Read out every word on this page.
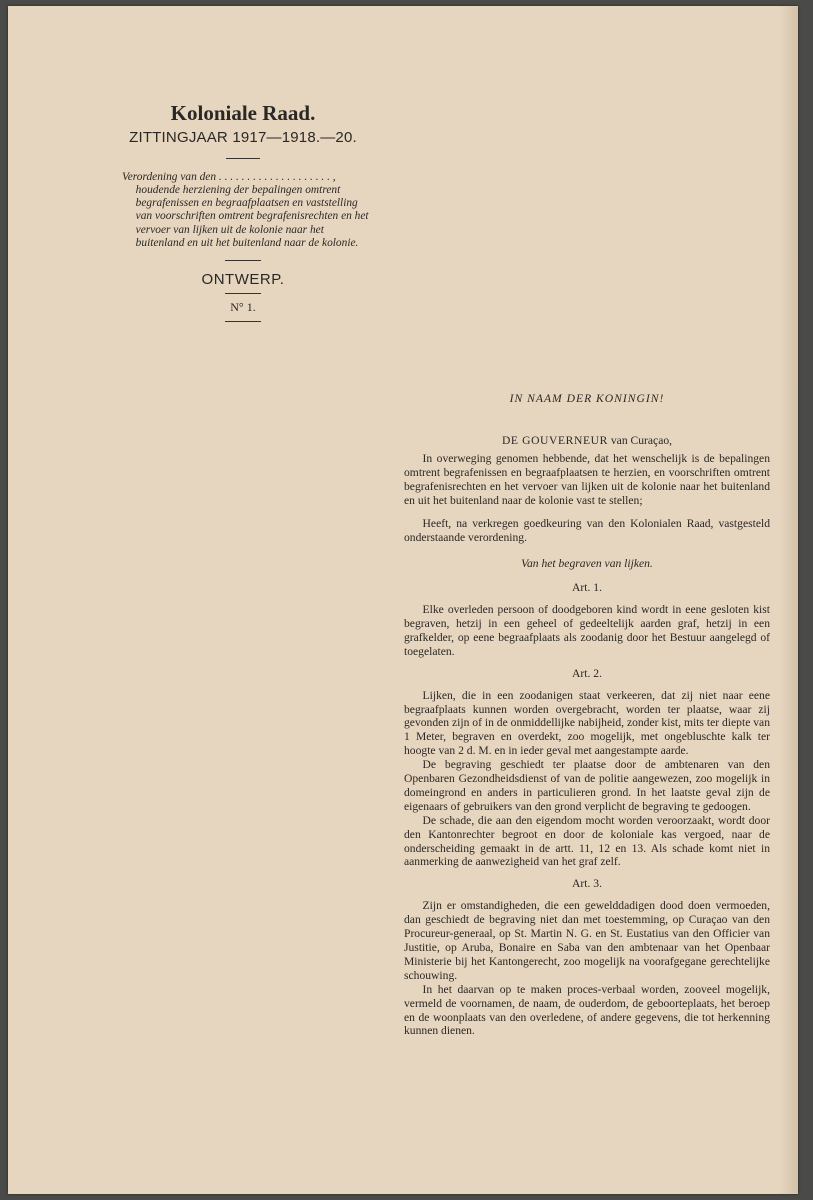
Koloniale Raad.

ZITTINGJAAR 1917—1918.—20.

Verordening van den . . . . . . . . . . . . . . . . . . . . , houdende herziening der bepalingen omtrent begrafenissen en begraafplaatsen en vaststelling van voorschriften omtrent begrafenisrechten en het vervoer van lijken uit de kolonie naar het buitenland en uit het buitenland naar de kolonie.

ONTWERP.

N° 1.

IN NAAM DER KONINGIN!

DE GOUVERNEUR van Curaçao,

In overweging genomen hebbende, dat het wenschelijk is de bepalingen omtrent begrafenissen en begraafplaatsen te herzien, en voorschriften omtrent begrafenisrechten en het vervoer van lijken uit de kolonie naar het buitenland en uit het buitenland naar de kolonie vast te stellen;

Heeft, na verkregen goedkeuring van den Kolonialen Raad, vastgesteld onderstaande verordening.

Van het begraven van lijken.

Art. 1.

Elke overleden persoon of doodgeboren kind wordt in eene gesloten kist begraven, hetzij in een geheel of gedeeltelijk aarden graf, hetzij in een grafkelder, op eene begraafplaats als zoodanig door het Bestuur aangelegd of toegelaten.

Art. 2.

Lijken, die in een zoodanigen staat verkeeren, dat zij niet naar eene begraafplaats kunnen worden overgebracht, worden ter plaatse, waar zij gevonden zijn of in de onmiddellijke nabijheid, zonder kist, mits ter diepte van 1 Meter, begraven en overdekt, zoo mogelijk, met ongebluschte kalk ter hoogte van 2 d. M. en in ieder geval met aangestampte aarde.

De begraving geschiedt ter plaatse door de ambtenaren van den Openbaren Gezondheidsdienst of van de politie aangewezen, zoo mogelijk in domeingrond en anders in particulieren grond. In het laatste geval zijn de eigenaars of gebruikers van den grond verplicht de begraving te gedoogen.

De schade, die aan den eigendom mocht worden veroorzaakt, wordt door den Kantonrechter begroot en door de koloniale kas vergoed, naar de onderscheiding gemaakt in de artt. 11, 12 en 13. Als schade komt niet in aanmerking de aanwezigheid van het graf zelf.

Art. 3.

Zijn er omstandigheden, die een gewelddadigen dood doen vermoeden, dan geschiedt de begraving niet dan met toestemming, op Curaçao van den Procureur-generaal, op St. Martin N. G. en St. Eustatius van den Officier van Justitie, op Aruba, Bonaire en Saba van den ambtenaar van het Openbaar Ministerie bij het Kantongerecht, zoo mogelijk na voorafgegane gerechtelijke schouwing.

In het daarvan op te maken proces-verbaal worden, zooveel mogelijk, vermeld de voornamen, de naam, de ouderdom, de geboorteplaats, het beroep en de woonplaats van den overledene, of andere gegevens, die tot herkenning kunnen dienen.
